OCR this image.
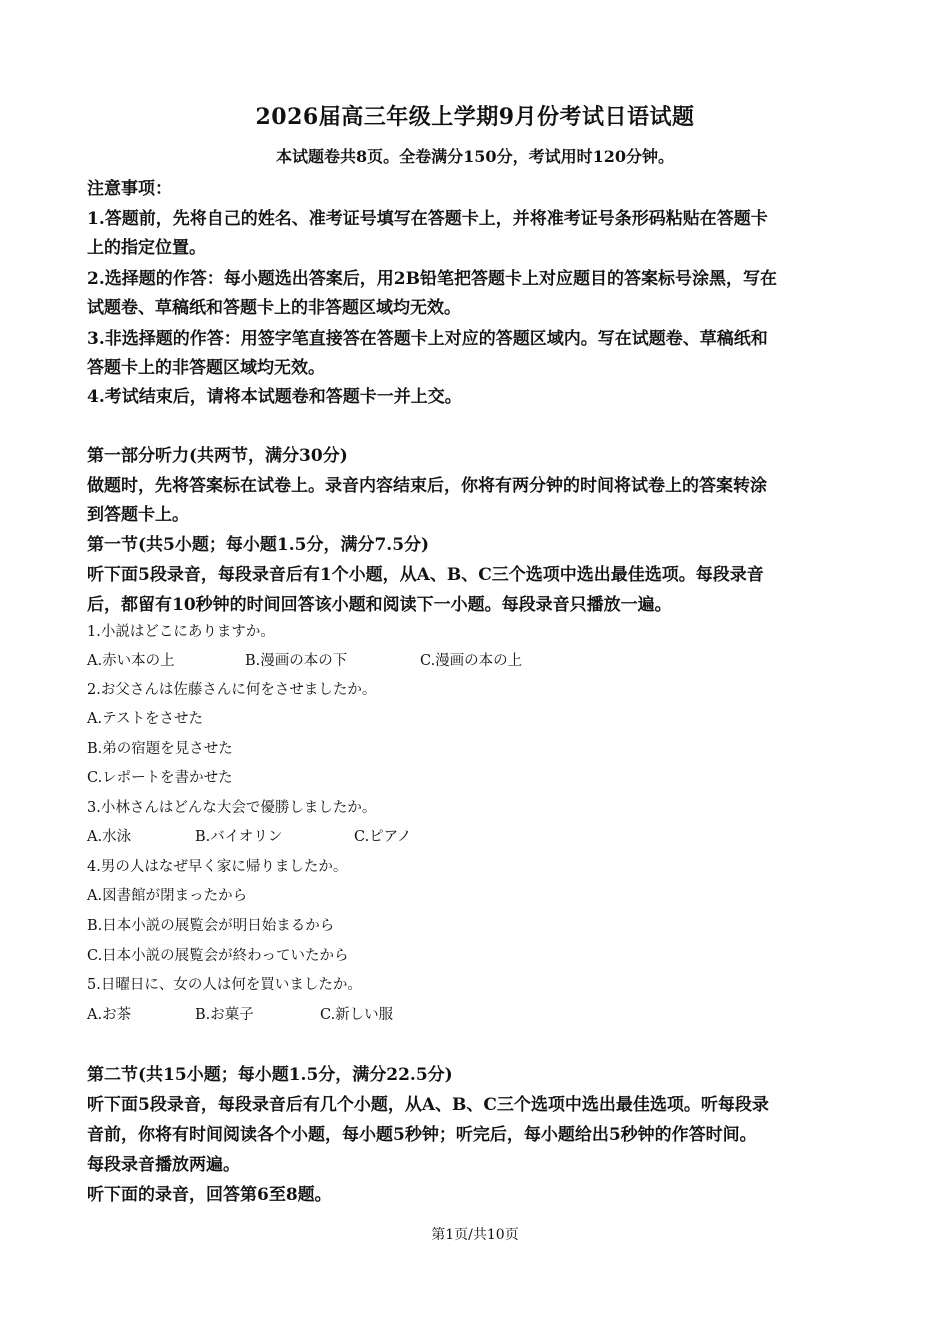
2026届高三年级上学期9月份考试日语试题
本试题卷共8页。全卷满分150分，考试用时120分钟。
注意事项：
1.答题前，先将自己的姓名、准考证号填写在答题卡上，并将准考证号条形码粘贴在答题卡
上的指定位置。
2.选择题的作答：每小题选出答案后，用2B铅笔把答题卡上对应题目的答案标号涂黑，写在
试题卷、草稿纸和答题卡上的非答题区域均无效。
3.非选择题的作答：用签字笔直接答在答题卡上对应的答题区域内。写在试题卷、草稿纸和
答题卡上的非答题区域均无效。
4.考试结束后，请将本试题卷和答题卡一并上交。
第一部分听力(共两节，满分30分)
做题时，先将答案标在试卷上。录音内容结束后，你将有两分钟的时间将试卷上的答案转涂
到答题卡上。
第一节(共5小题；每小题1.5分，满分7.5分)
听下面5段录音，每段录音后有1个小题，从A、B、C三个选项中选出最佳选项。每段录音
后，都留有10秒钟的时间回答该小题和阅读下一小题。每段录音只播放一遍。
1.小説はどこにありますか。
A.赤い本の上	B.漫画の本の下	C.漫画の本の上
2.お父さんは佐藤さんに何をさせましたか。
A.テストをさせた
B.弟の宿題を見させた
C.レポートを書かせた
3.小林さんはどんな大会で優勝しましたか。
A.水泳	B.バイオリン	C.ピアノ
4.男の人はなぜ早く家に帰りましたか。
A.図書館が閉まったから
B.日本小説の展覧会が明日始まるから
C.日本小説の展覧会が終わっていたから
5.日曜日に、女の人は何を買いましたか。
A.お茶	B.お菓子	C.新しい服
第二节(共15小题；每小题1.5分，满分22.5分)
听下面5段录音，每段录音后有几个小题，从A、B、C三个选项中选出最佳选项。听每段录
音前，你将有时间阅读各个小题，每小题5秒钟；听完后，每小题给出5秒钟的作答时间。
每段录音播放两遍。
听下面的录音，回答第6至8题。
第1页/共10页
